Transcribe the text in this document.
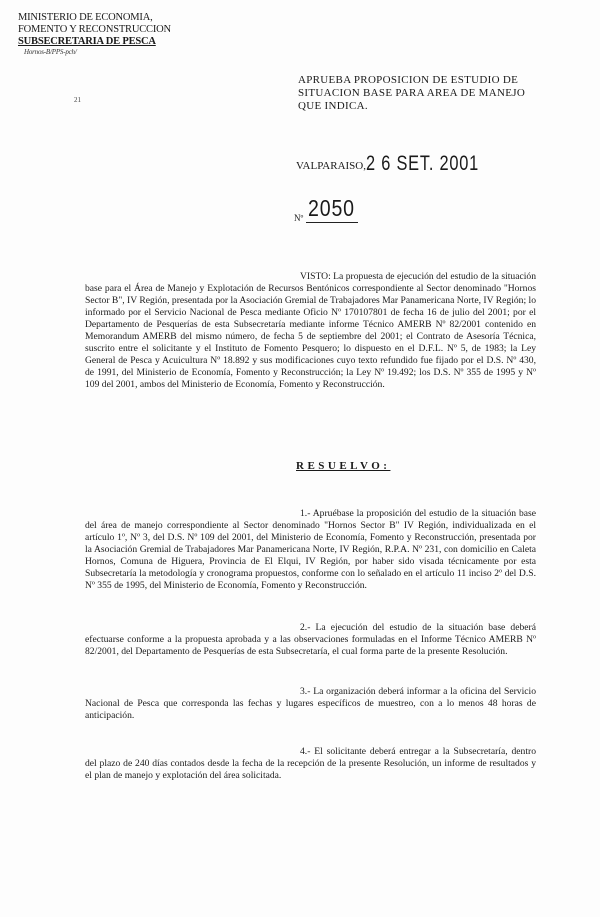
MINISTERIO DE ECONOMIA,
FOMENTO Y RECONSTRUCCION
SUBSECRETARIA DE PESCA
Hornos-B/PPS-pch/
21
APRUEBA PROPOSICION DE ESTUDIO DE SITUACION BASE PARA AREA DE MANEJO QUE INDICA.
VALPARAISO, 2 6 SET. 2001
Nº 2050
VISTO: La propuesta de ejecución del estudio de la situación base para el Área de Manejo y Explotación de Recursos Bentónicos correspondiente al Sector denominado "Hornos Sector B", IV Región, presentada por la Asociación Gremial de Trabajadores Mar Panamericana Norte, IV Región; lo informado por el Servicio Nacional de Pesca mediante Oficio Nº 170107801 de fecha 16 de julio del 2001; por el Departamento de Pesquerías de esta Subsecretaría mediante informe Técnico AMERB Nº 82/2001 contenido en Memorandum AMERB del mismo número, de fecha 5 de septiembre del 2001; el Contrato de Asesoría Técnica, suscrito entre el solicitante y el Instituto de Fomento Pesquero; lo dispuesto en el D.F.L. Nº 5, de 1983; la Ley General de Pesca y Acuicultura Nº 18.892 y sus modificaciones cuyo texto refundido fue fijado por el D.S. Nº 430, de 1991, del Ministerio de Economía, Fomento y Reconstrucción; la Ley Nº 19.492; los D.S. Nº 355 de 1995 y Nº 109 del 2001, ambos del Ministerio de Economía, Fomento y Reconstrucción.
RESUELVO:
1.- Apruébase la proposición del estudio de la situación base del área de manejo correspondiente al Sector denominado "Hornos Sector B" IV Región, individualizada en el artículo 1º, Nº 3, del D.S. Nº 109 del 2001, del Ministerio de Economía, Fomento y Reconstrucción, presentada por la Asociación Gremial de Trabajadores Mar Panamericana Norte, IV Región, R.P.A. Nº 231, con domicilio en Caleta Hornos, Comuna de Higuera, Provincia de El Elqui, IV Región, por haber sido visada técnicamente por esta Subsecretaría la metodología y cronograma propuestos, conforme con lo señalado en el artículo 11 inciso 2º del D.S. Nº 355 de 1995, del Ministerio de Economía, Fomento y Reconstrucción.
2.- La ejecución del estudio de la situación base deberá efectuarse conforme a la propuesta aprobada y a las observaciones formuladas en el Informe Técnico AMERB Nº 82/2001, del Departamento de Pesquerías de esta Subsecretaría, el cual forma parte de la presente Resolución.
3.- La organización deberá informar a la oficina del Servicio Nacional de Pesca que corresponda las fechas y lugares específicos de muestreo, con a lo menos 48 horas de anticipación.
4.- El solicitante deberá entregar a la Subsecretaría, dentro del plazo de 240 días contados desde la fecha de la recepción de la presente Resolución, un informe de resultados y el plan de manejo y explotación del área solicitada.
